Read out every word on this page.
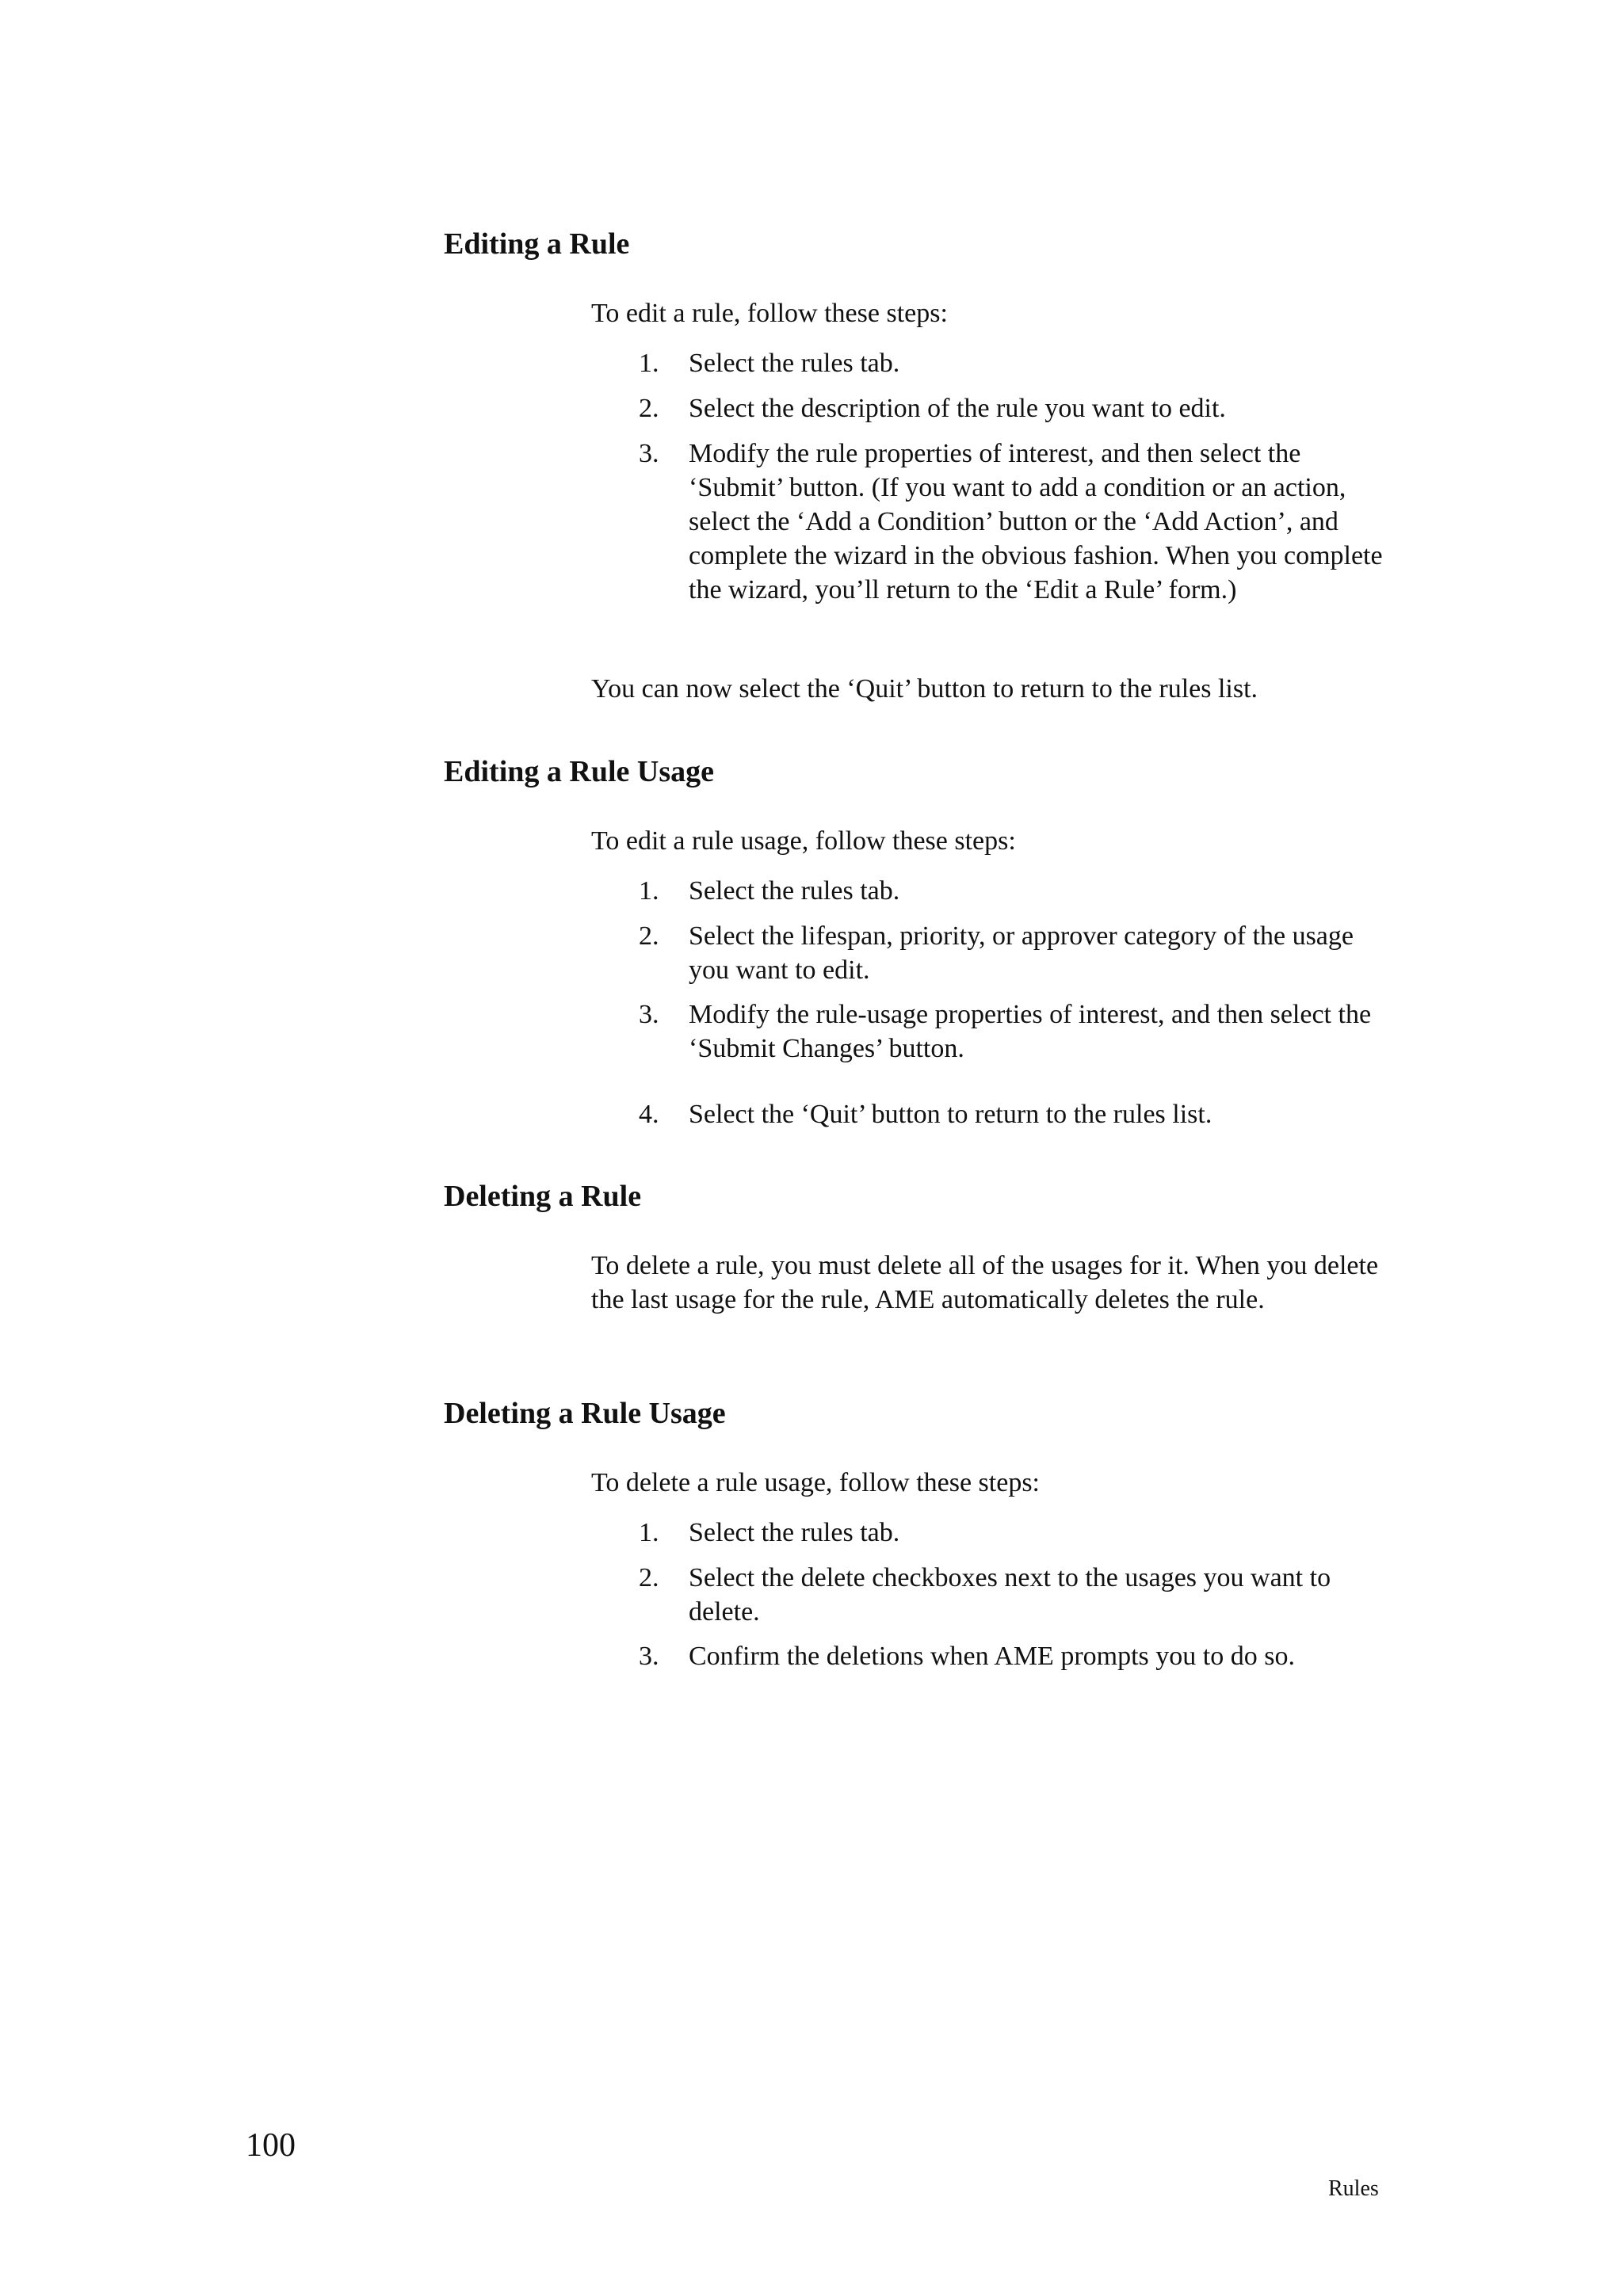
Editing a Rule

To edit a rule, follow these steps:

1.	Select the rules tab.
2.	Select the description of the rule you want to edit.
3.	Modify the rule properties of interest, and then select the ‘Submit’ button. (If you want to add a condition or an action, select the ‘Add a Condition’ button or the ‘Add Action’, and complete the wizard in the obvious fashion. When you complete the wizard, you’ll return to the ‘Edit a Rule’ form.)

You can now select the ‘Quit’ button to return to the rules list.

Editing a Rule Usage

To edit a rule usage, follow these steps:

1.	Select the rules tab.
2.	Select the lifespan, priority, or approver category of the usage you want to edit.
3.	Modify the rule-usage properties of interest, and then select the ‘Submit Changes’ button.
4.	Select the ‘Quit’ button to return to the rules list.
Deleting a Rule

To delete a rule, you must delete all of the usages for it. When you delete the last usage for the rule, AME automatically deletes the rule.

Deleting a Rule Usage

To delete a rule usage, follow these steps:

1.	Select the rules tab.
2.	Select the delete checkboxes next to the usages you want to delete.
3.	Confirm the deletions when AME prompts you to do so.
100
Rules
